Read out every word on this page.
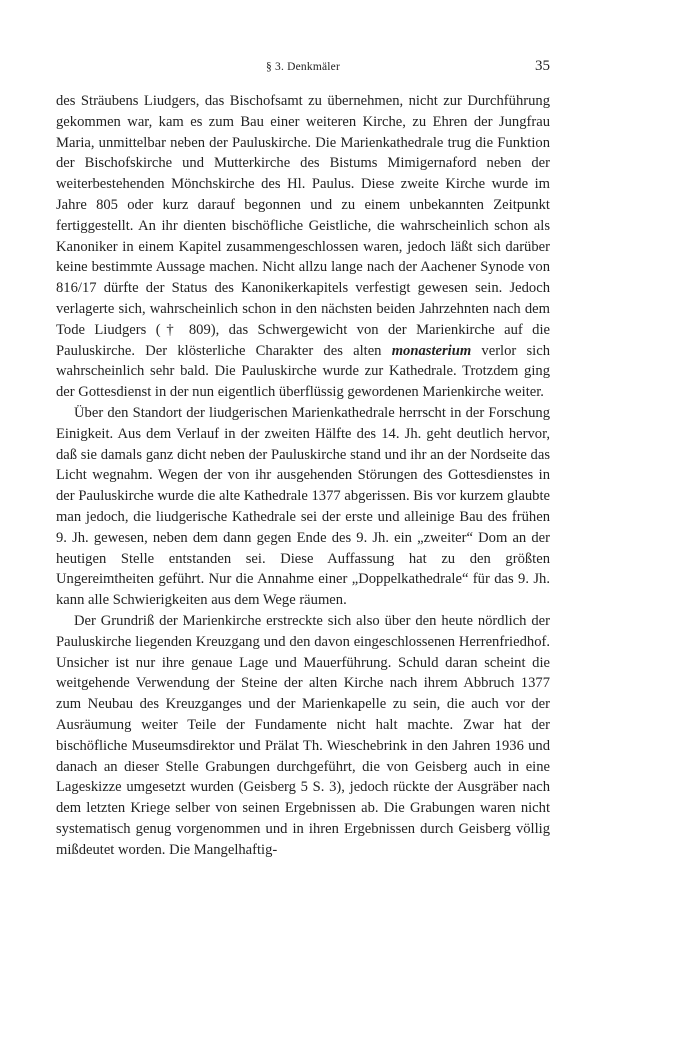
§ 3. Denkmäler	35

des Sträubens Liudgers, das Bischofsamt zu übernehmen, nicht zur Durchführung gekommen war, kam es zum Bau einer weiteren Kirche, zu Ehren der Jungfrau Maria, unmittelbar neben der Pauluskirche. Die Marienkathedrale trug die Funktion der Bischofskirche und Mutterkirche des Bistums Mimigernaford neben der weiterbestehenden Mönchskirche des Hl. Paulus. Diese zweite Kirche wurde im Jahre 805 oder kurz darauf begonnen und zu einem unbekannten Zeitpunkt fertiggestellt. An ihr dienten bischöfliche Geistliche, die wahrscheinlich schon als Kanoniker in einem Kapitel zusammengeschlossen waren, jedoch läßt sich darüber keine bestimmte Aussage machen. Nicht allzu lange nach der Aachener Synode von 816/17 dürfte der Status des Kanonikerkapitels verfestigt gewesen sein. Jedoch verlagerte sich, wahrscheinlich schon in den nächsten beiden Jahrzehnten nach dem Tode Liudgers († 809), das Schwergewicht von der Marienkirche auf die Pauluskirche. Der klösterliche Charakter des alten monasterium verlor sich wahrscheinlich sehr bald. Die Pauluskirche wurde zur Kathedrale. Trotzdem ging der Gottesdienst in der nun eigentlich überflüssig gewordenen Marienkirche weiter.

Über den Standort der liudgerischen Marienkathedrale herrscht in der Forschung Einigkeit. Aus dem Verlauf in der zweiten Hälfte des 14. Jh. geht deutlich hervor, daß sie damals ganz dicht neben der Pauluskirche stand und ihr an der Nordseite das Licht wegnahm. Wegen der von ihr ausgehenden Störungen des Gottesdienstes in der Pauluskirche wurde die alte Kathedrale 1377 abgerissen. Bis vor kurzem glaubte man jedoch, die liudgerische Kathedrale sei der erste und alleinige Bau des frühen 9. Jh. gewesen, neben dem dann gegen Ende des 9. Jh. ein „zweiter“ Dom an der heutigen Stelle entstanden sei. Diese Auffassung hat zu den größten Ungereimtheiten geführt. Nur die Annahme einer „Doppelkathedrale“ für das 9. Jh. kann alle Schwierigkeiten aus dem Wege räumen.

Der Grundriß der Marienkirche erstreckte sich also über den heute nördlich der Pauluskirche liegenden Kreuzgang und den davon eingeschlossenen Herrenfriedhof. Unsicher ist nur ihre genaue Lage und Mauerführung. Schuld daran scheint die weitgehende Verwendung der Steine der alten Kirche nach ihrem Abbruch 1377 zum Neubau des Kreuzganges und der Marienkapelle zu sein, die auch vor der Ausräumung weiter Teile der Fundamente nicht halt machte. Zwar hat der bischöfliche Museumsdirektor und Prälat Th. Wieschebrink in den Jahren 1936 und danach an dieser Stelle Grabungen durchgeführt, die von Geisberg auch in eine Lageskizze umgesetzt wurden (Geisberg 5 S. 3), jedoch rückte der Ausgräber nach dem letzten Kriege selber von seinen Ergebnissen ab. Die Grabungen waren nicht systematisch genug vorgenommen und in ihren Ergebnissen durch Geisberg völlig mißdeutet worden. Die Mangelhaftig-
